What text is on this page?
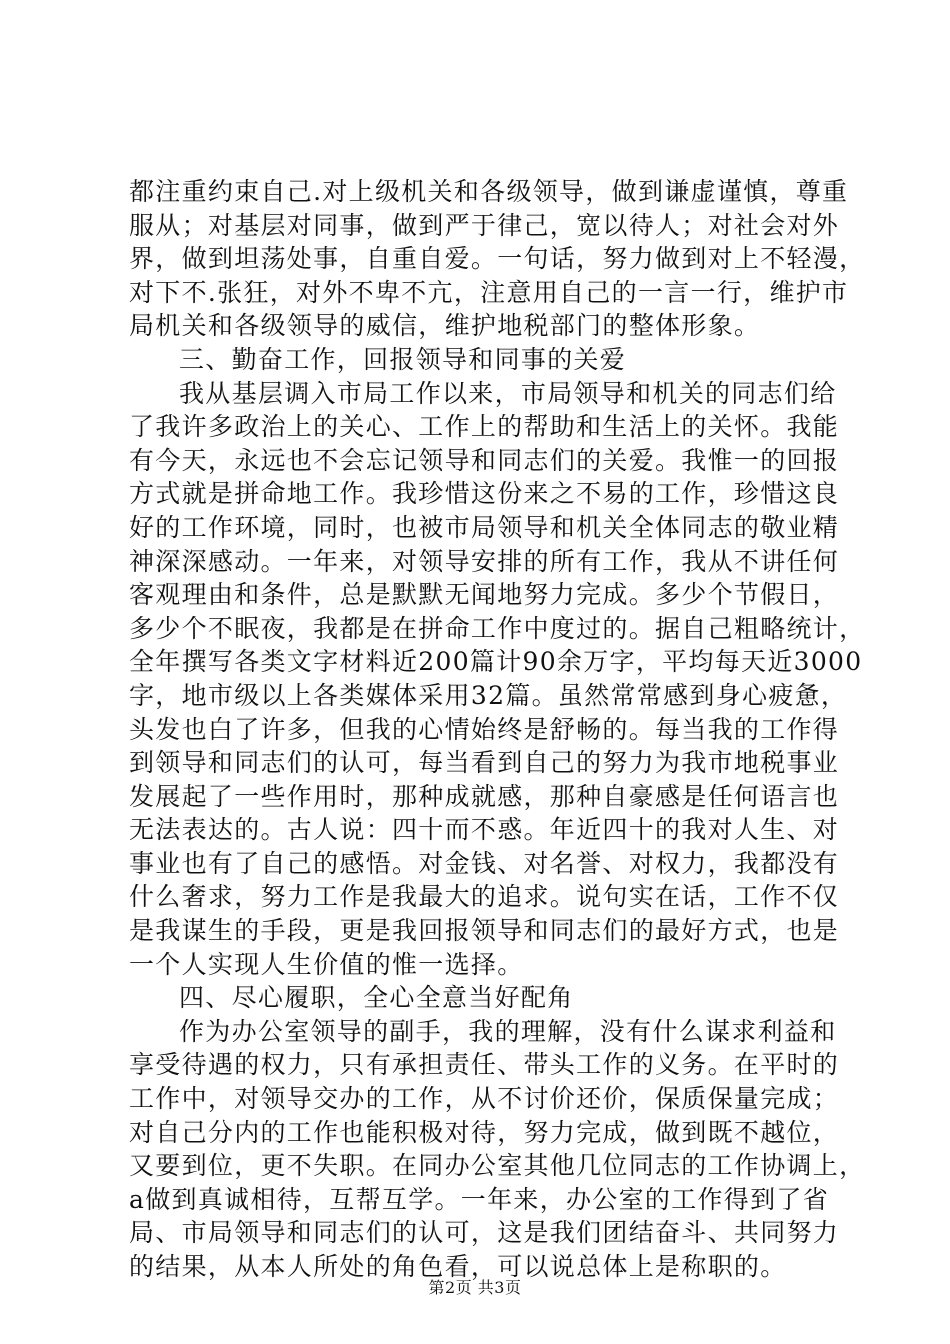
都注重约束自己.对上级机关和各级领导，做到谦虚谨慎，尊重
服从；对基层对同事，做到严于律己，宽以待人；对社会对外
界，做到坦荡处事，自重自爱。一句话，努力做到对上不轻漫，
对下不.张狂，对外不卑不亢，注意用自己的一言一行，维护市
局机关和各级领导的威信，维护地税部门的整体形象。
三、勤奋工作，回报领导和同事的关爱
我从基层调入市局工作以来，市局领导和机关的同志们给
了我许多政治上的关心、工作上的帮助和生活上的关怀。我能
有今天，永远也不会忘记领导和同志们的关爱。我惟一的回报
方式就是拼命地工作。我珍惜这份来之不易的工作，珍惜这良
好的工作环境，同时，也被市局领导和机关全体同志的敬业精
神深深感动。一年来，对领导安排的所有工作，我从不讲任何
客观理由和条件，总是默默无闻地努力完成。多少个节假日，
多少个不眠夜，我都是在拼命工作中度过的。据自己粗略统计，
全年撰写各类文字材料近200篇计90余万字，平均每天近3000
字，地市级以上各类媒体采用32篇。虽然常常感到身心疲惫，
头发也白了许多，但我的心情始终是舒畅的。每当我的工作得
到领导和同志们的认可，每当看到自己的努力为我市地税事业
发展起了一些作用时，那种成就感，那种自豪感是任何语言也
无法表达的。古人说：四十而不惑。年近四十的我对人生、对
事业也有了自己的感悟。对金钱、对名誉、对权力，我都没有
什么奢求，努力工作是我最大的追求。说句实在话，工作不仅
是我谋生的手段，更是我回报领导和同志们的最好方式，也是
一个人实现人生价值的惟一选择。
四、尽心履职，全心全意当好配角
作为办公室领导的副手，我的理解，没有什么谋求利益和
享受待遇的权力，只有承担责任、带头工作的义务。在平时的
工作中，对领导交办的工作，从不讨价还价，保质保量完成；
对自己分内的工作也能积极对待，努力完成，做到既不越位，
又要到位，更不失职。在同办公室其他几位同志的工作协调上，
a做到真诚相待，互帮互学。一年来，办公室的工作得到了省
局、市局领导和同志们的认可，这是我们团结奋斗、共同努力
的结果，从本人所处的角色看，可以说总体上是称职的。
第2页 共3页
